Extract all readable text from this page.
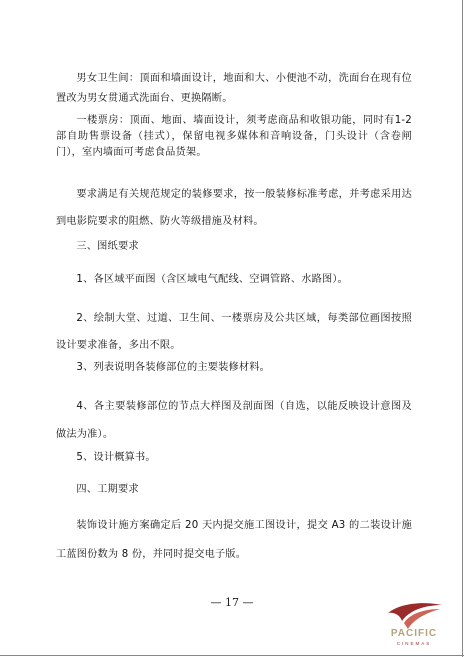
男女卫生间：顶面和墙面设计，地面和大、小便池不动，洗面台在现有位置改为男女贯通式洗面台、更换隔断。

一楼票房：顶面、地面、墙面设计，须考虑商品和收银功能，同时有1-2部自助售票设备（挂式），保留电视多媒体和音响设备，门头设计（含卷闸门），室内墙面可考虑食品货架。

要求满足有关规范规定的装修要求，按一般装修标准考虑，并考虑采用达到电影院要求的阻燃、防火等级措施及材料。

三、图纸要求

1、各区域平面图（含区域电气配线、空调管路、水路图）。

2、绘制大堂、过道、卫生间、一楼票房及公共区域，每类部位画图按照设计要求准备，多出不限。

3、列表说明各装修部位的主要装修材料。

4、各主要装修部位的节点大样图及剖面图（自选，以能反映设计意图及做法为准）。

5、设计概算书。

四、工期要求

装饰设计施方案确定后 20 天内提交施工图设计，提交 A3 的二装设计施工蓝图份数为 8 份，并同时提交电子版。

— 17 —
PACIFIC
CINEMAS
